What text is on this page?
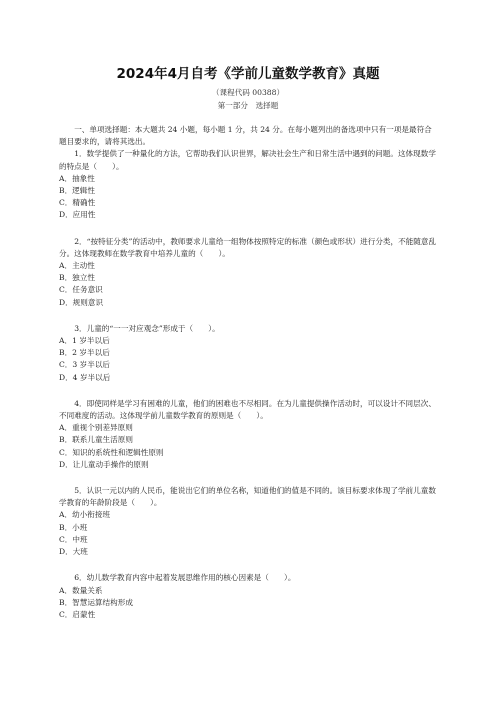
2024年4月自考《学前儿童数学教育》真题
（课程代码 00388）
第一部分　选择题

一、单项选择题：本大题共 24 小题，每小题 1 分，共 24 分。在每小题列出的备选项中只有一项是最符合题目要求的，请将其选出。

1．数学提供了一种量化的方法，它帮助我们认识世界，解决社会生产和日常生活中遇到的问题。这体现数学的特点是（　　）。

A．抽象性

B．逻辑性

C．精确性

D．应用性

2．“按特征分类”的活动中，教师要求儿童给一组物体按照特定的标准（颜色或形状）进行分类，不能随意乱分。这体现教师在数学教育中培养儿童的（　　）。

A．主动性

B．独立性

C．任务意识

D．规则意识

3．儿童的“一一对应观念”形成于（　　）。

A．1 岁半以后

B．2 岁半以后

C．3 岁半以后

D．4 岁半以后

4．即使同样是学习有困难的儿童，他们的困难也不尽相同。在为儿童提供操作活动时，可以设计不同层次、不同难度的活动。这体现学前儿童数学教育的原则是（　　）。

A．重视个别差异原则

B．联系儿童生活原则

C．知识的系统性和逻辑性原则

D．让儿童动手操作的原则

5．认识一元以内的人民币，能说出它们的单位名称，知道他们的值是不同的。该目标要求体现了学前儿童数学教育的年龄阶段是（　　）。

A．幼小衔接班

B．小班

C．中班

D．大班

6．幼儿数学教育内容中起着发展思维作用的核心因素是（　　）。

A．数量关系

B．智慧运算结构形成

C．启蒙性
